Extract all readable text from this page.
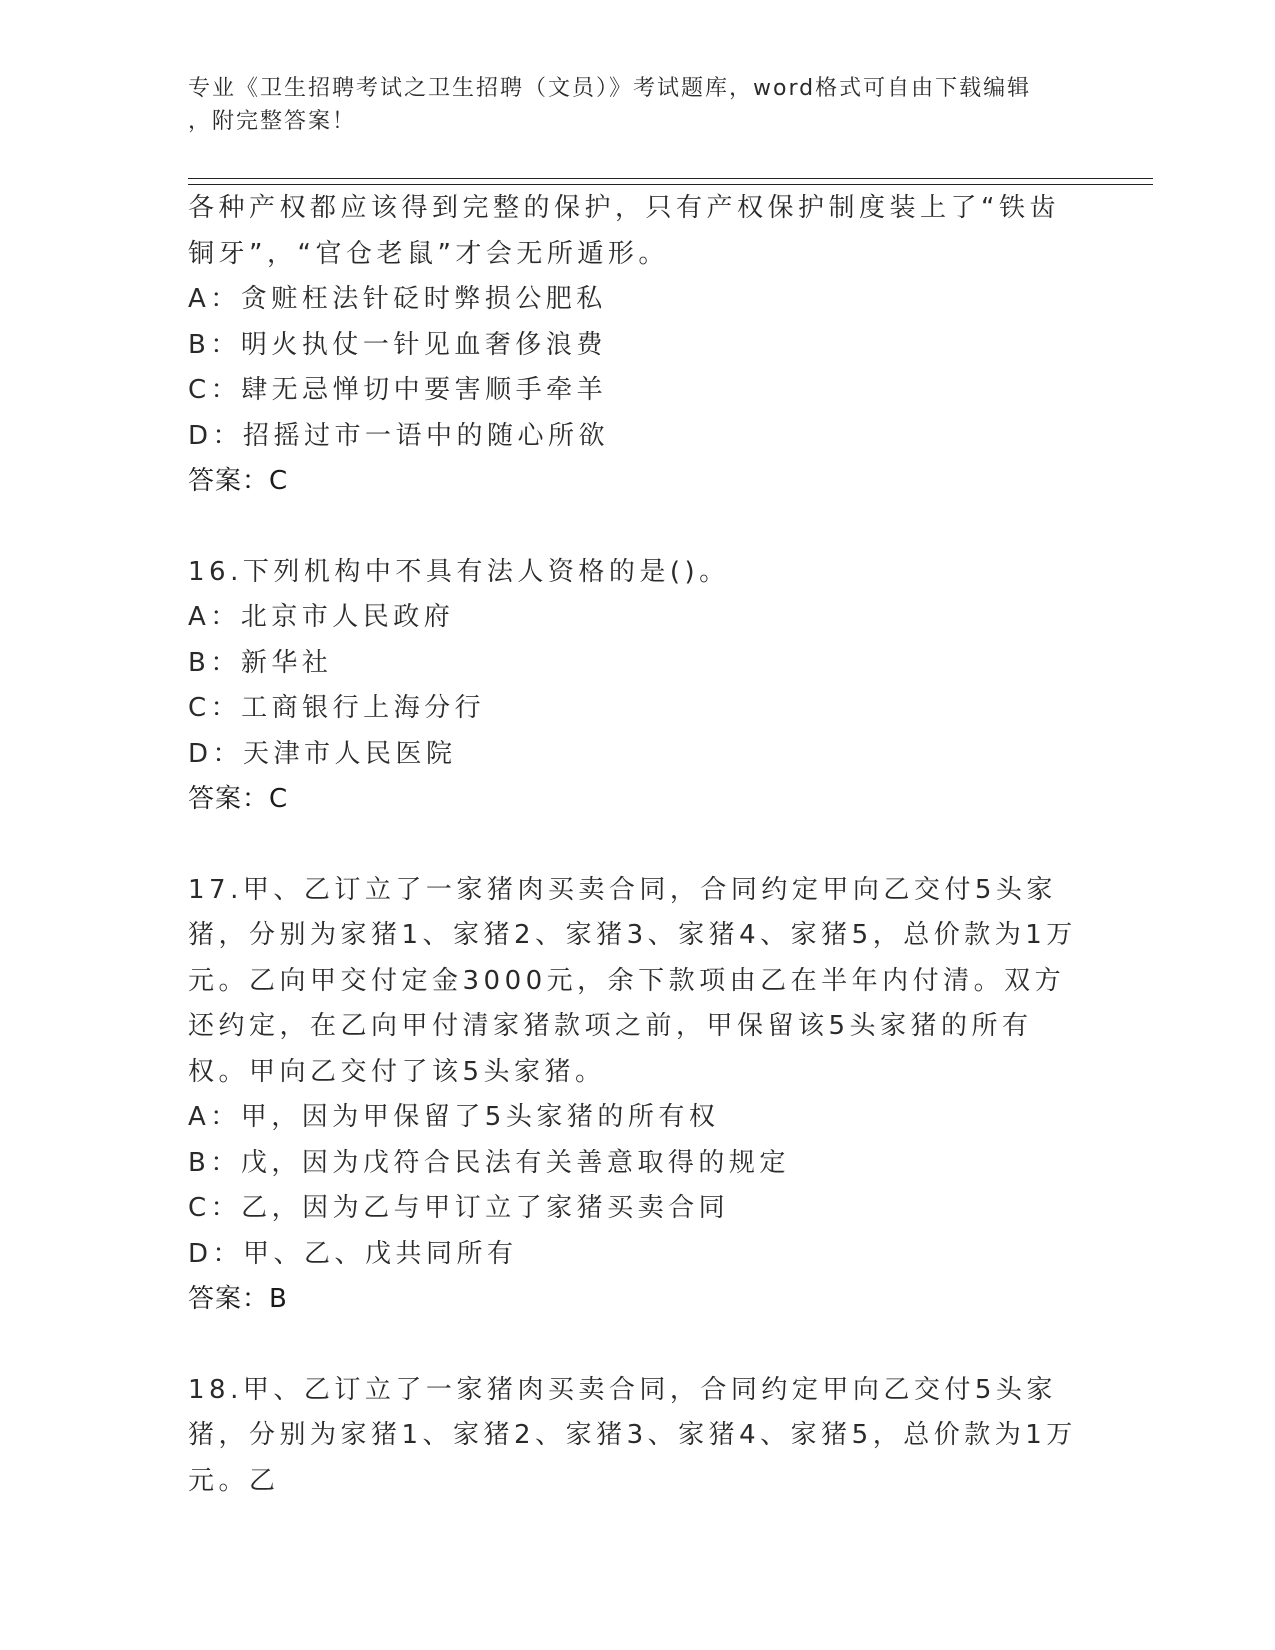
专业《卫生招聘考试之卫生招聘（文员）》考试题库，word格式可自由下载编辑
，附完整答案！

各种产权都应该得到完整的保护，只有产权保护制度装上了“铁齿铜牙”，“官仓老鼠”才会无所遁形。

A：贪赃枉法针砭时弊损公肥私

B：明火执仗一针见血奢侈浪费

C：肆无忌惮切中要害顺手牵羊

D：招摇过市一语中的随心所欲

答案：C

16.下列机构中不具有法人资格的是()。

A：北京市人民政府

B：新华社

C：工商银行上海分行

D：天津市人民医院

答案：C

17.甲、乙订立了一家猪肉买卖合同，合同约定甲向乙交付5头家猪，分别为家猪1、家猪2、家猪3、家猪4、家猪5，总价款为1万元。乙向甲交付定金3000元，余下款项由乙在半年内付清。双方还约定，在乙向甲付清家猪款项之前，甲保留该5头家猪的所有权。甲向乙交付了该5头家猪。

A：甲，因为甲保留了5头家猪的所有权

B：戊，因为戊符合民法有关善意取得的规定

C：乙，因为乙与甲订立了家猪买卖合同

D：甲、乙、戊共同所有

答案：B

18.甲、乙订立了一家猪肉买卖合同，合同约定甲向乙交付5头家猪，分别为家猪1、家猪2、家猪3、家猪4、家猪5，总价款为1万元。乙
